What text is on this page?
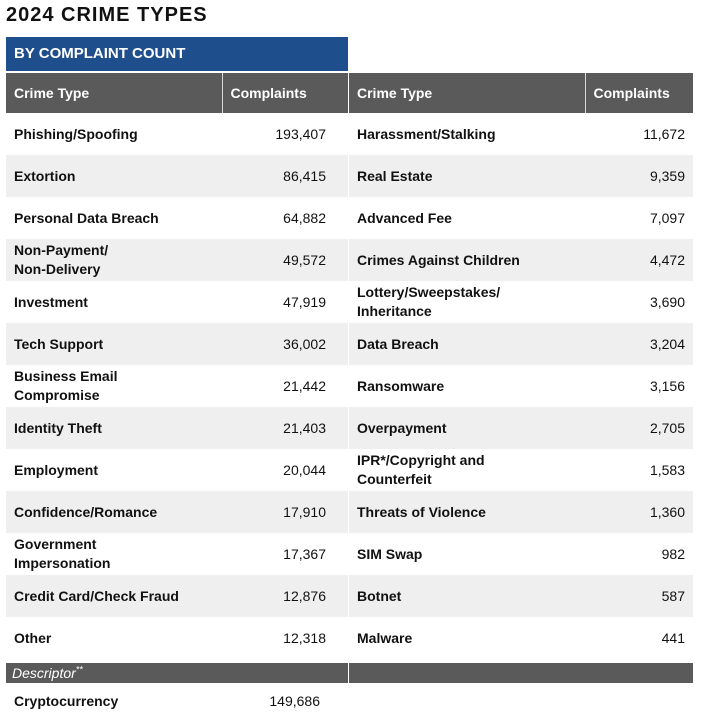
2024 CRIME TYPES
BY COMPLAINT COUNT
Crime Type	Complaints
Phishing/Spoofing	193,407
Extortion	86,415
Personal Data Breach	64,882
Non-Payment/
Non-Delivery	49,572
Investment	47,919
Tech Support	36,002
Business Email
Compromise	21,442
Identity Theft	21,403
Employment	20,044
Confidence/Romance	17,910
Government
Impersonation	17,367
Credit Card/Check Fraud	12,876
Other	12,318
Crime Type	Complaints
Harassment/Stalking	11,672
Real Estate	9,359
Advanced Fee	7,097
Crimes Against Children	4,472
Lottery/Sweepstakes/
Inheritance	3,690
Data Breach	3,204
Ransomware	3,156
Overpayment	2,705
IPR*/Copyright and
Counterfeit	1,583
Threats of Violence	1,360
SIM Swap	982
Botnet	587
Malware	441
Descriptor**
Cryptocurrency	149,686
